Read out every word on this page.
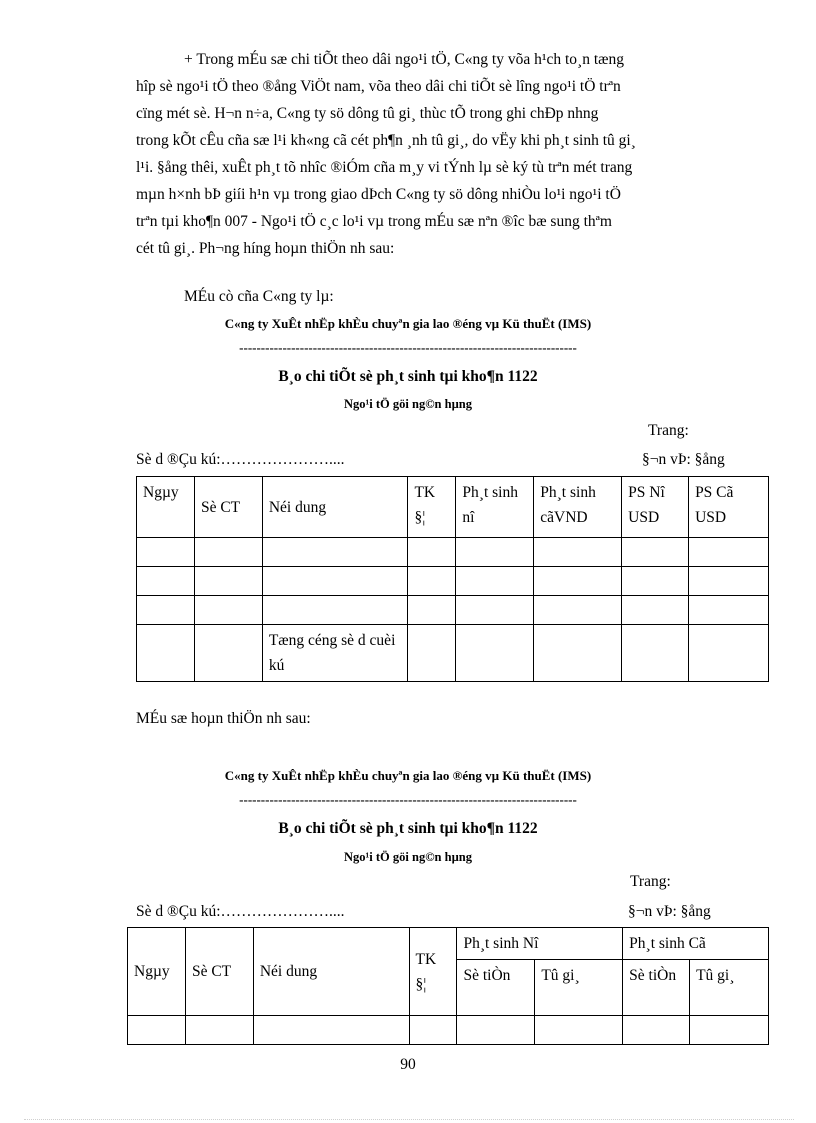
+ Trong mÉu sæ chi tiÕt theo dâi ngo¹i tÖ, C«ng ty võa h¹ch to¸n tæng
hîp sè ngo¹i tÖ theo ®ång ViÖt nam, võa theo dâi chi tiÕt sè lîng ngo¹i tÖ trªn
cïng mét sè. H¬n n÷a, C«ng ty sö dông tû gi¸ thùc tÕ trong ghi chÐp nhng
trong kÕt cÊu cña sæ l¹i kh«ng cã cét ph¶n ¸nh tû gi¸, do vËy khi ph¸t sinh tû gi¸
l¹i. §ång thêi, xuÊt ph¸t tõ nhîc ®iÓm cña m¸y vi tÝnh lµ sè ký tù trªn mét trang
mµn h×nh bÞ giíi h¹n vµ trong giao dÞch C«ng ty sö dông nhiÒu lo¹i ngo¹i tÖ
trªn tµi kho¶n 007 - Ngo¹i tÖ c¸c lo¹i vµ trong mÉu sæ nªn ®îc bæ sung thªm
cét tû gi¸. Ph¬ng híng hoµn thiÖn nh sau:
MÉu cò cña C«ng ty lµ:
C«ng ty XuÊt nhËp khÈu chuyªn gia lao ®éng vµ Kü thuËt (IMS)
------------------------------------------------------------------------------
B¸o chi tiÕt sè ph¸t sinh tµi kho¶n 1122
Ngo¹i tÖ göi ng©n hµng
Trang:
Sè d ®Çu kú:…………………....	§¬n vÞ: §ång
Ngµy	Sè CT	Néi dung	TK §¦	Ph¸t sinh nî	Ph¸t sinh cãVND	PS Nî USD	PS Cã USD

		Tæng céng sè d cuèi kú					
MÉu sæ hoµn thiÖn nh sau:
C«ng ty XuÊt nhËp khÈu chuyªn gia lao ®éng vµ Kü thuËt (IMS)
------------------------------------------------------------------------------
B¸o chi tiÕt sè ph¸t sinh tµi kho¶n 1122
Ngo¹i tÖ göi ng©n hµng
Trang:
Sè d ®Çu kú:…………………....	§¬n vÞ: §ång
Ngµy	Sè CT	Néi dung	TK §¦	Ph¸t sinh Nî		Ph¸t sinh Cã	
				Sè tiÒn	Tû gi¸	Sè tiÒn	Tû gi¸

90
